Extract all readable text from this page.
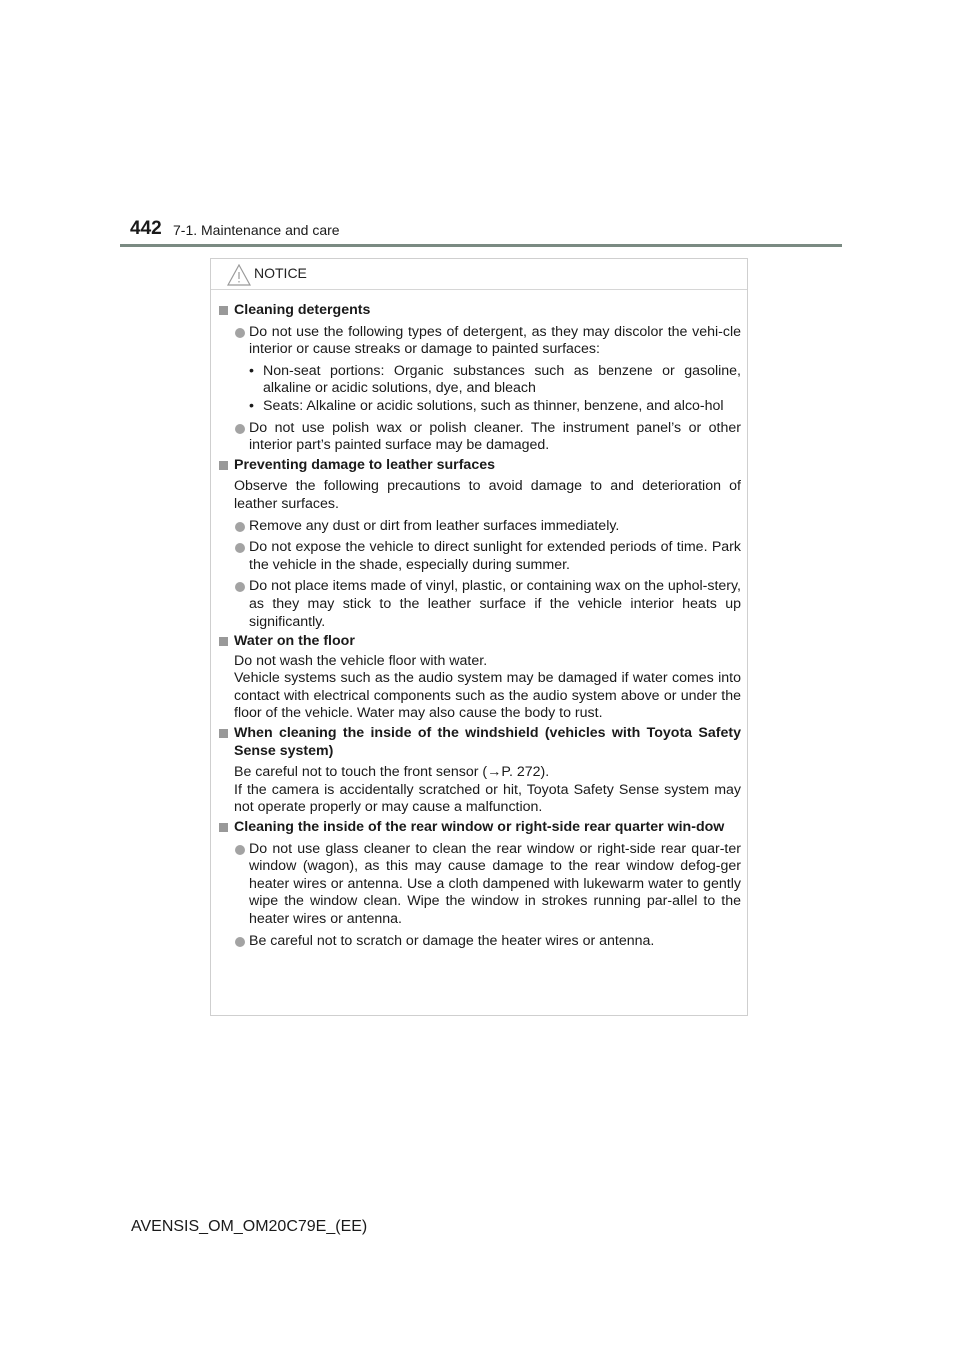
442 7-1. Maintenance and care
NOTICE
Cleaning detergents
Do not use the following types of detergent, as they may discolor the vehi-cle interior or cause streaks or damage to painted surfaces:
• Non-seat portions: Organic substances such as benzene or gasoline, alkaline or acidic solutions, dye, and bleach
• Seats: Alkaline or acidic solutions, such as thinner, benzene, and alco-hol
Do not use polish wax or polish cleaner. The instrument panel’s or other interior part’s painted surface may be damaged.
Preventing damage to leather surfaces
Observe the following precautions to avoid damage to and deterioration of leather surfaces.
Remove any dust or dirt from leather surfaces immediately.
Do not expose the vehicle to direct sunlight for extended periods of time. Park the vehicle in the shade, especially during summer.
Do not place items made of vinyl, plastic, or containing wax on the uphol-stery, as they may stick to the leather surface if the vehicle interior heats up significantly.
Water on the floor
Do not wash the vehicle floor with water.
Vehicle systems such as the audio system may be damaged if water comes into contact with electrical components such as the audio system above or under the floor of the vehicle. Water may also cause the body to rust.
When cleaning the inside of the windshield (vehicles with Toyota Safety Sense system)
Be careful not to touch the front sensor (→P. 272).
If the camera is accidentally scratched or hit, Toyota Safety Sense system may not operate properly or may cause a malfunction.
Cleaning the inside of the rear window or right-side rear quarter win-dow
Do not use glass cleaner to clean the rear window or right-side rear quar-ter window (wagon), as this may cause damage to the rear window defog-ger heater wires or antenna. Use a cloth dampened with lukewarm water to gently wipe the window clean. Wipe the window in strokes running par-allel to the heater wires or antenna.
Be careful not to scratch or damage the heater wires or antenna.
AVENSIS_OM_OM20C79E_(EE)
